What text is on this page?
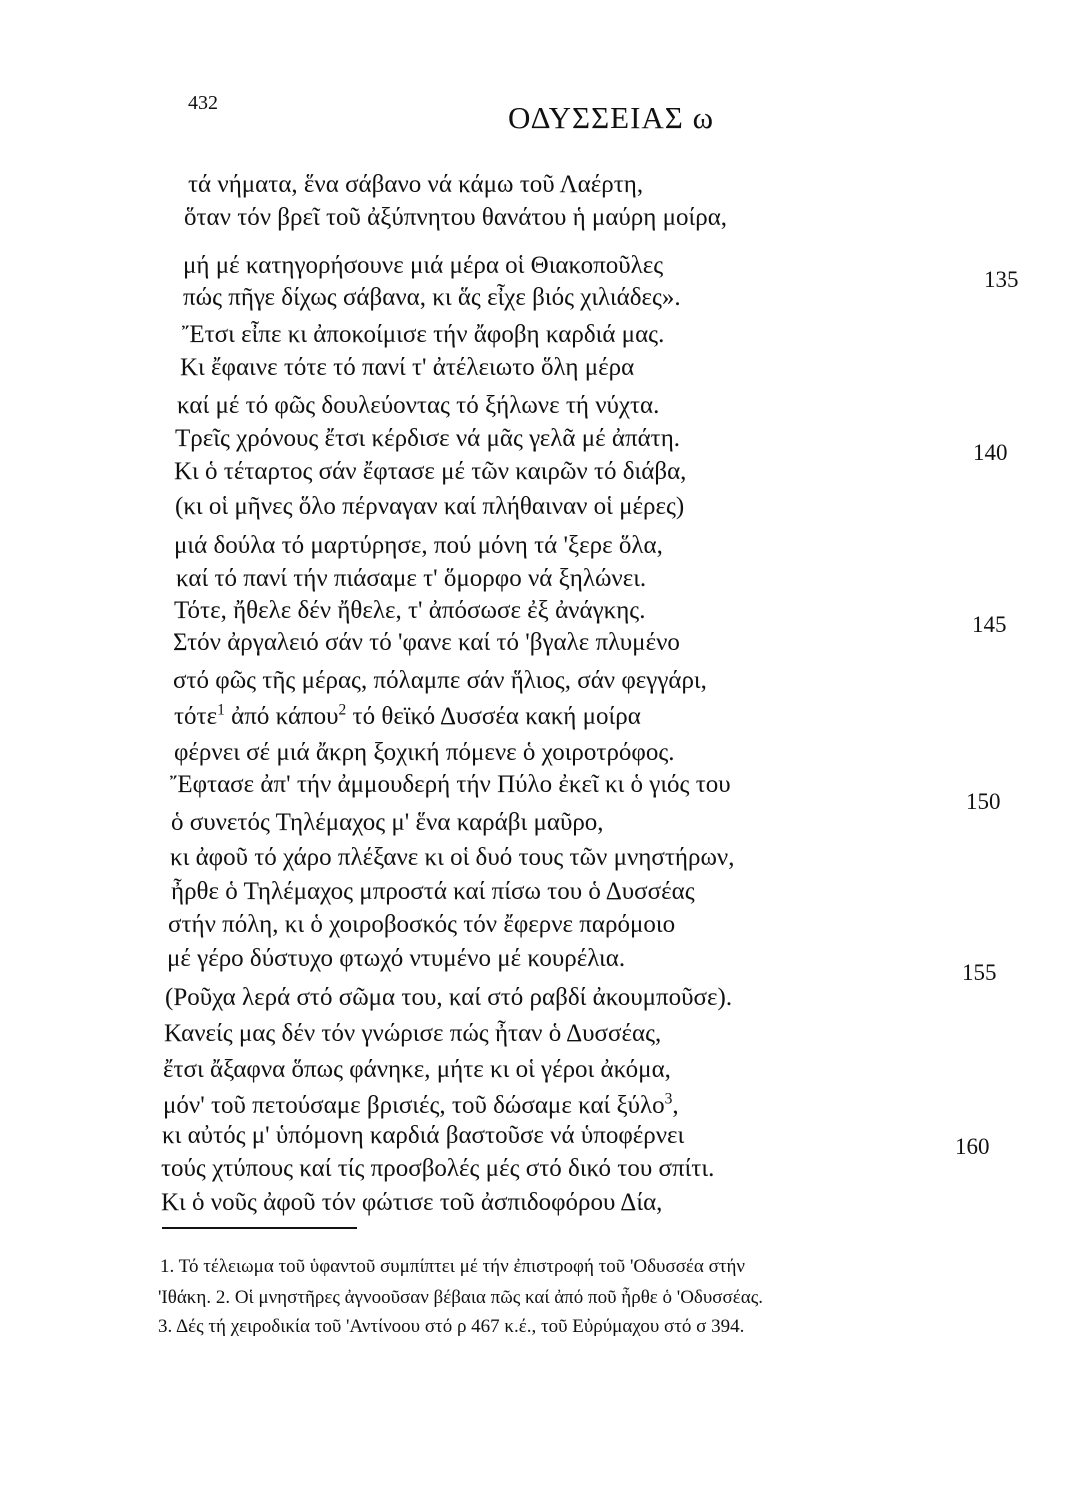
432	ΟΔΥΣΣΕΙΑΣ ω
τά νήματα, ἕνα σάβανο νά κάμω τοῦ Λαέρτη,
ὅταν τόν βρεῖ τοῦ ἀξύπνητου θανάτου ἡ μαύρη μοίρα,
μή μέ κατηγορήσουνε μιά μέρα οἱ Θιακοποῦλες
πώς πῆγε δίχως σάβανα, κι ἅς εἶχε βιός χιλιάδες».
Ἔτσι εἶπε κι ἀποκοίμισε τήν ἄφοβη καρδιά μας.
Κι ἔφαινε τότε τό πανί τ' ἀτέλειωτο ὅλη μέρα
καί μέ τό φῶς δουλεύοντας τό ξήλωνε τή νύχτα.
Τρεῖς χρόνους ἔτσι κέρδισε νά μᾶς γελᾶ μέ ἀπάτη.
Κι ὁ τέταρτος σάν ἔφτασε μέ τῶν καιρῶν τό διάβα,
(κι οἱ μῆνες ὅλο πέρναγαν καί πλήθαιναν οἱ μέρες)
μιά δούλα τό μαρτύρησε, πού μόνη τά 'ξερε ὅλα,
καί τό πανί τήν πιάσαμε τ' ὅμορφο νά ξηλώνει.
Τότε, ἤθελε δέν ἤθελε, τ' ἀπόσωσε ἐξ ἀνάγκης.
Στόν ἀργαλειό σάν τό 'φανε καί τό 'βγαλε πλυμένο
στό φῶς τῆς μέρας, πόλαμπε σάν ἥλιος, σάν φεγγάρι,
τότε$^1$ ἀπό κάπου$^2$ τό θεϊκό Δυσσέα κακή μοίρα
φέρνει σέ μιά ἄκρη ξοχική πόμενε ὁ χοιροτρόφος.
Ἔφτασε ἀπ' τήν ἀμμουδερή τήν Πύλο ἐκεῖ κι ὁ γιός του
ὁ συνετός Τηλέμαχος μ' ἕνα καράβι μαῦρο,
κι ἀφοῦ τό χάρο πλέξανε κι οἱ δυό τους τῶν μνηστήρων,
ἦρθε ὁ Τηλέμαχος μπροστά καί πίσω του ὁ Δυσσέας
στήν πόλη, κι ὁ χοιροβοσκός τόν ἔφερνε παρόμοιο
μέ γέρο δύστυχο φτωχό ντυμένο μέ κουρέλια.
(Ροῦχα λερά στό σῶμα του, καί στό ραβδί ἀκουμποῦσε).
Κανείς μας δέν τόν γνώρισε πώς ἦταν ὁ Δυσσέας,
ἔτσι ἄξαφνα ὅπως φάνηκε, μήτε κι οἱ γέροι ἀκόμα,
μόν' τοῦ πετούσαμε βρισιές, τοῦ δώσαμε καί ξύλο$^3$,
κι αὐτός μ' ὑπόμονη καρδιά βαστοῦσε νά ὑποφέρνει
τούς χτύπους καί τίς προσβολές μές στό δικό του σπίτι.
Κι ὁ νοῦς ἀφοῦ τόν φώτισε τοῦ ἀσπιδοφόρου Δία,
135
140
145
150
155
160
1. Τό τέλειωμα τοῦ ὑφαντοῦ συμπίπτει μέ τήν ἐπιστροφή τοῦ 'Οδυσσέα στήν
'Ιθάκη. 2. Οἱ μνηστῆρες ἀγνοοῦσαν βέβαια πῶς καί ἀπό ποῦ ἦρθε ὁ 'Οδυσσέας.
3. Δές τή χειροδικία τοῦ 'Αντίνοου στό ρ 467 κ.έ., τοῦ Εὐρύμαχου στό σ 394.
